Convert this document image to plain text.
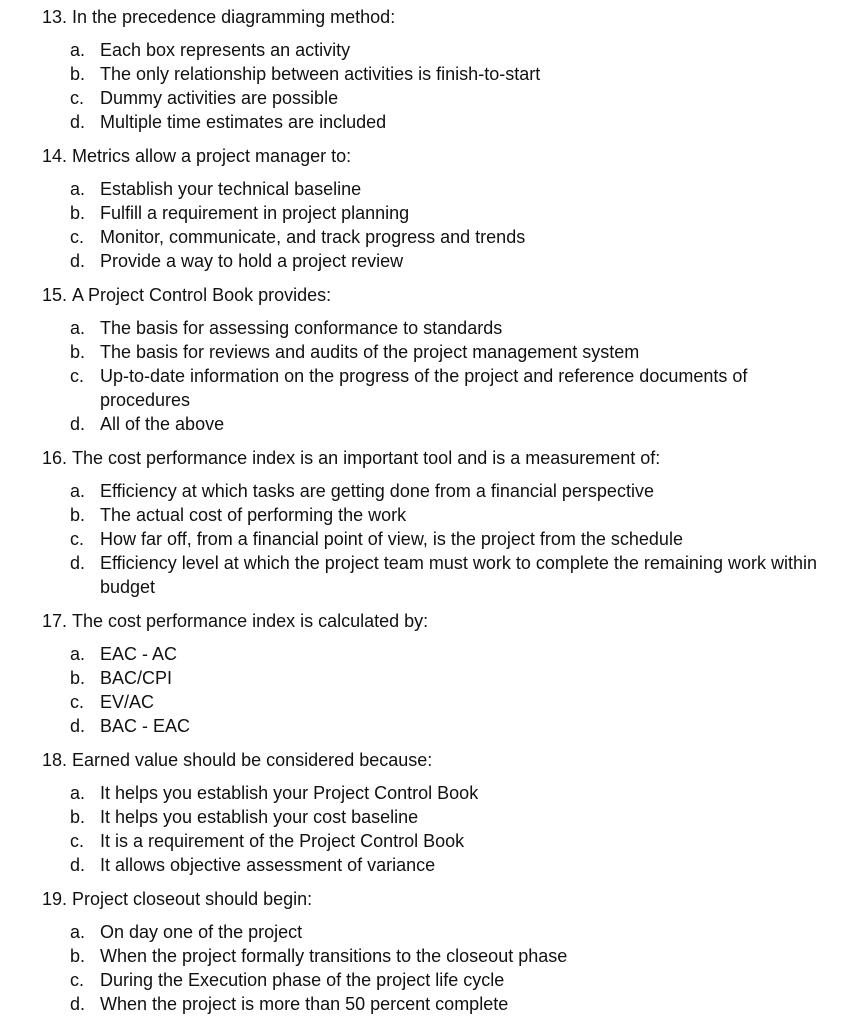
13. In the precedence diagramming method:
a. Each box represents an activity
b. The only relationship between activities is finish-to-start
c. Dummy activities are possible
d. Multiple time estimates are included
14. Metrics allow a project manager to:
a. Establish your technical baseline
b. Fulfill a requirement in project planning
c. Monitor, communicate, and track progress and trends
d. Provide a way to hold a project review
15. A Project Control Book provides:
a. The basis for assessing conformance to standards
b. The basis for reviews and audits of the project management system
c. Up-to-date information on the progress of the project and reference documents of procedures
d. All of the above
16. The cost performance index is an important tool and is a measurement of:
a. Efficiency at which tasks are getting done from a financial perspective
b. The actual cost of performing the work
c. How far off, from a financial point of view, is the project from the schedule
d. Efficiency level at which the project team must work to complete the remaining work within budget
17. The cost performance index is calculated by:
a. EAC - AC
b. BAC/CPI
c. EV/AC
d. BAC - EAC
18. Earned value should be considered because:
a. It helps you establish your Project Control Book
b. It helps you establish your cost baseline
c. It is a requirement of the Project Control Book
d. It allows objective assessment of variance
19. Project closeout should begin:
a. On day one of the project
b. When the project formally transitions to the closeout phase
c. During the Execution phase of the project life cycle
d. When the project is more than 50 percent complete
